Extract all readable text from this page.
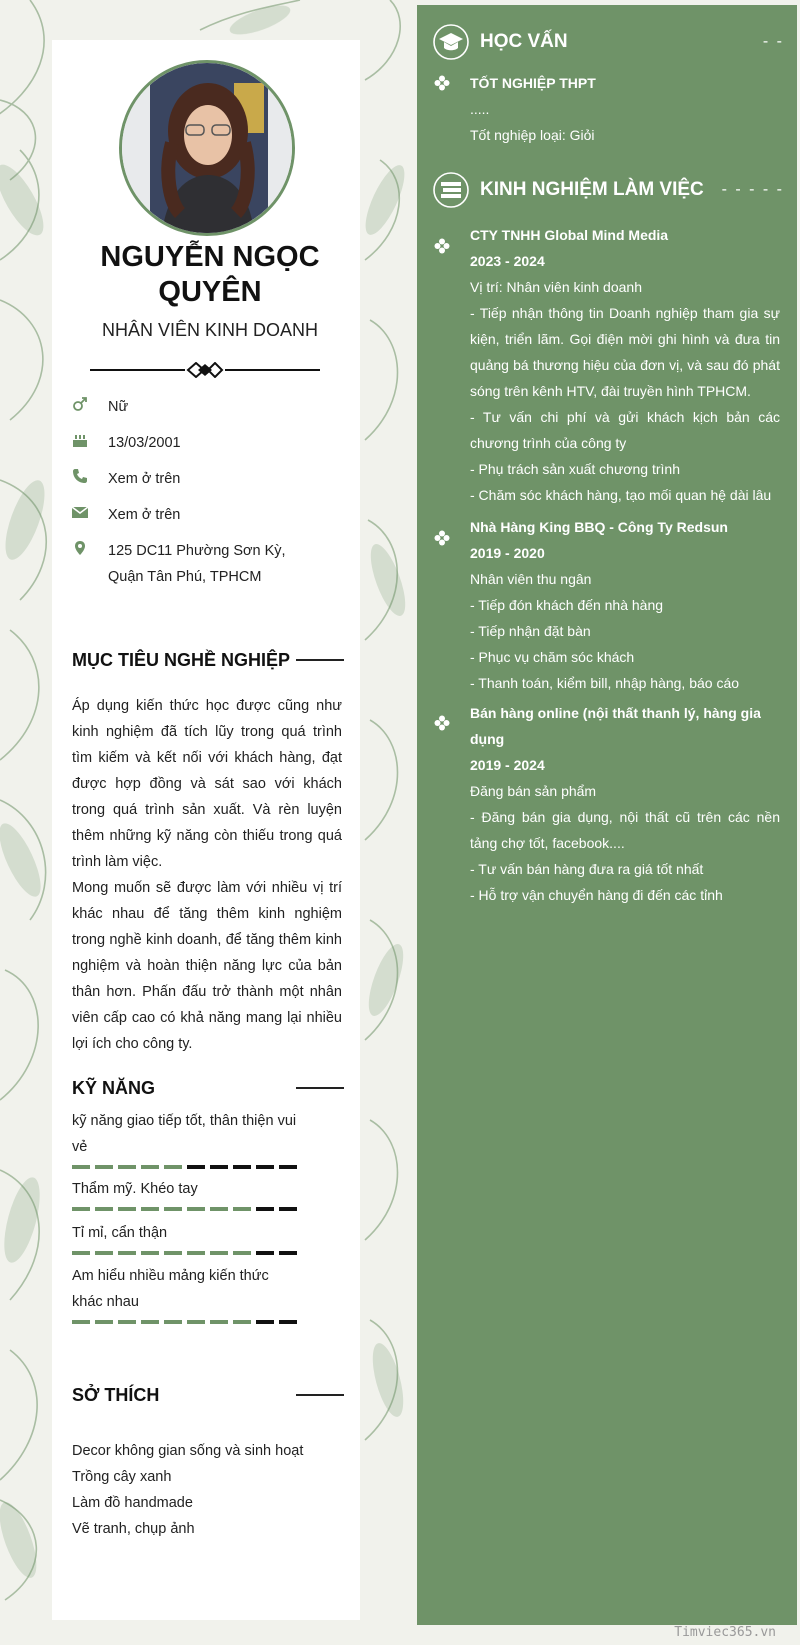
NGUYỄN NGỌC QUYÊN
NHÂN VIÊN KINH DOANH
Nữ
13/03/2001
Xem ở trên
Xem ở trên
125 DC11 Phường Sơn Kỳ, Quận Tân Phú, TPHCM
MỤC TIÊU NGHỀ NGHIỆP

Áp dụng kiến thức học được cũng như kinh nghiệm đã tích lũy trong quá trình tìm kiếm và kết nối với khách hàng, đạt được hợp đồng và sát sao với khách trong quá trình sản xuất. Và rèn luyện thêm những kỹ năng còn thiếu trong quá trình làm việc.

Mong muốn sẽ được làm với nhiều vị trí khác nhau để tăng thêm kinh nghiệm trong nghề kinh doanh, để tăng thêm kinh nghiệm và hoàn thiện năng lực của bản thân hơn. Phấn đấu trở thành một nhân viên cấp cao có khả năng mang lại nhiều lợi ích cho công ty.

KỸ NĂNG
kỹ năng giao tiếp tốt, thân thiện vui vẻ
Thẩm mỹ. Khéo tay
Tỉ mỉ, cẩn thận
Am hiểu nhiều mảng kiến thức khác nhau
SỞ THÍCH
Decor không gian sống và sinh hoạt
Trồng cây xanh
Làm đồ handmade
Vẽ tranh, chụp ảnh
HỌC VẤN	- -
TỐT NGHIỆP THPT
.....
Tốt nghiệp loại: Giỏi
KINH NGHIỆM LÀM VIỆC	- - - - -
CTY TNHH Global Mind Media
2023 - 2024
Vị trí: Nhân viên kinh doanh
- Tiếp nhận thông tin Doanh nghiệp tham gia sự kiện, triển lãm. Gọi điện mời ghi hình và đưa tin quảng bá thương hiệu của đơn vị, và sau đó phát sóng trên kênh HTV, đài truyền hình TPHCM.
- Tư vấn chi phí và gửi khách kịch bản các chương trình của công ty
- Phụ trách sản xuất chương trình
- Chăm sóc khách hàng, tạo mối quan hệ dài lâu
Nhà Hàng King BBQ - Công Ty Redsun
2019 - 2020
Nhân viên thu ngân
- Tiếp đón khách đến nhà hàng
- Tiếp nhận đặt bàn
- Phục vụ chăm sóc khách
- Thanh toán, kiểm bill, nhập hàng, báo cáo
Bán hàng online (nội thất thanh lý, hàng gia dụng
2019 - 2024
Đăng bán sản phẩm
- Đăng bán gia dụng, nội thất cũ trên các nền tảng chợ tốt, facebook....
- Tư vấn bán hàng đưa ra giá tốt nhất
- Hỗ trợ vận chuyển hàng đi đến các tỉnh
Timviec365.vn
